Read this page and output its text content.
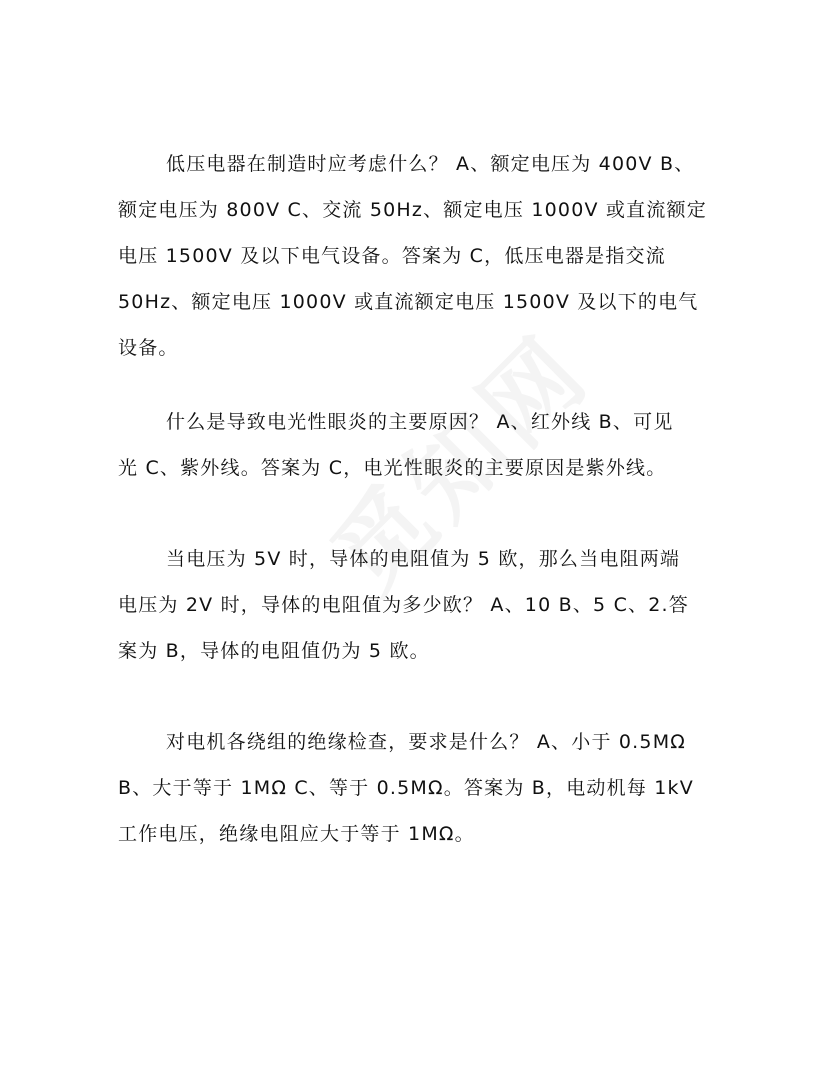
低压电器在制造时应考虑什么？ A、额定电压为 400V B、
额定电压为 800V C、交流 50Hz、额定电压 1000V 或直流额定
电压 1500V 及以下电气设备。答案为 C，低压电器是指交流
50Hz、额定电压 1000V 或直流额定电压 1500V 及以下的电气
设备。
什么是导致电光性眼炎的主要原因？ A、红外线 B、可见
光 C、紫外线。答案为 C，电光性眼炎的主要原因是紫外线。
当电压为 5V 时，导体的电阻值为 5 欧，那么当电阻两端
电压为 2V 时，导体的电阻值为多少欧？ A、10 B、5 C、2.答
案为 B，导体的电阻值仍为 5 欧。
对电机各绕组的绝缘检查，要求是什么？ A、小于 0.5MΩ
B、大于等于 1MΩ C、等于 0.5MΩ。答案为 B，电动机每 1kV
工作电压，绝缘电阻应大于等于 1MΩ。
